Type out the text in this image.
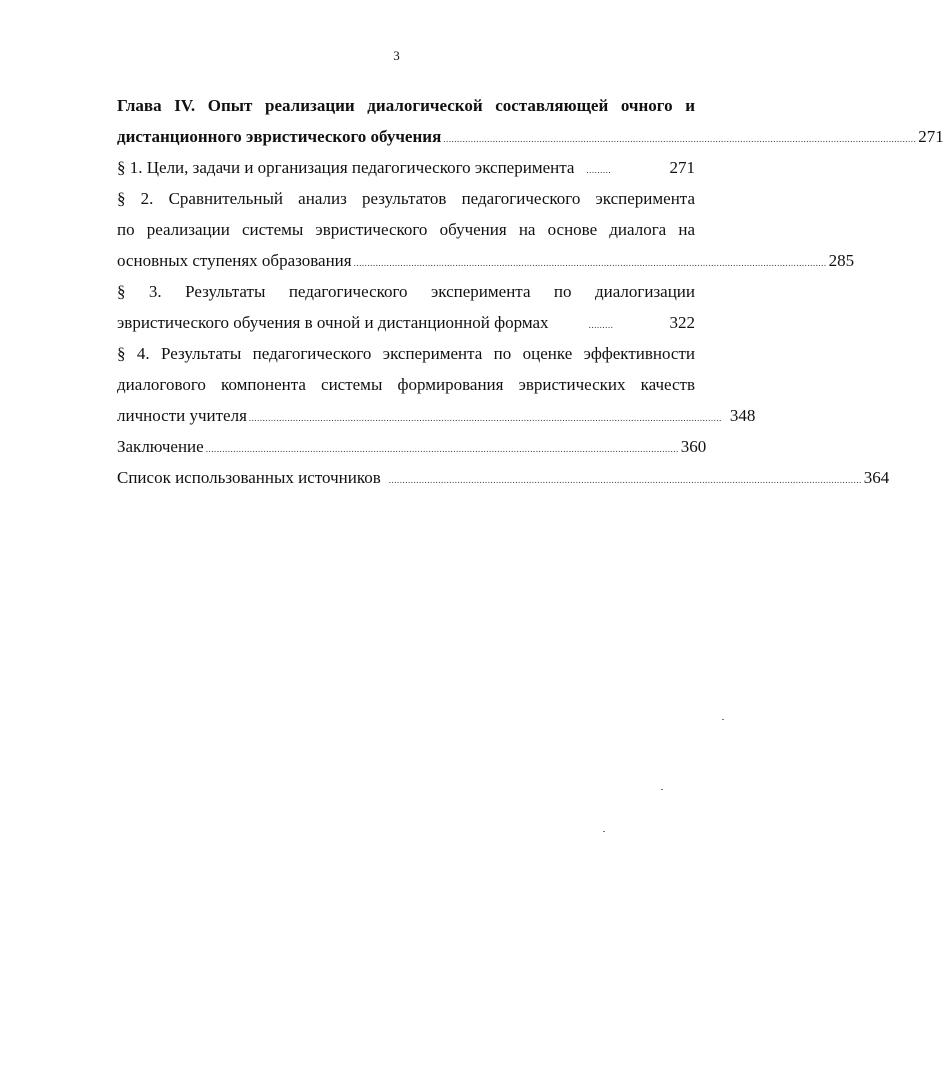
3
Глава IV. Опыт реализации диалогической составляющей очного и
дистанционного эвристического обучения ............................................................................................................................................................................ 271
§ 1. Цели, задачи и организация педагогического эксперимента .........	271
§ 2. Сравнительный анализ результатов педагогического эксперимента
по реализации системы эвристического обучения на основе диалога на
основных ступенях образования ............................................................................................................................................................................ 285
§ 3. Результаты педагогического эксперимента по диалогизации
эвристического обучения в очной и дистанционной формах	.........	322
§ 4. Результаты педагогического эксперимента по оценке эффективности
диалогового компонента системы формирования эвристических качеств
личности учителя ............................................................................................................................................................................ 348
Заключение ............................................................................................................................................................................ 360
Список использованных источников ............................................................................................................................................................................ 364
